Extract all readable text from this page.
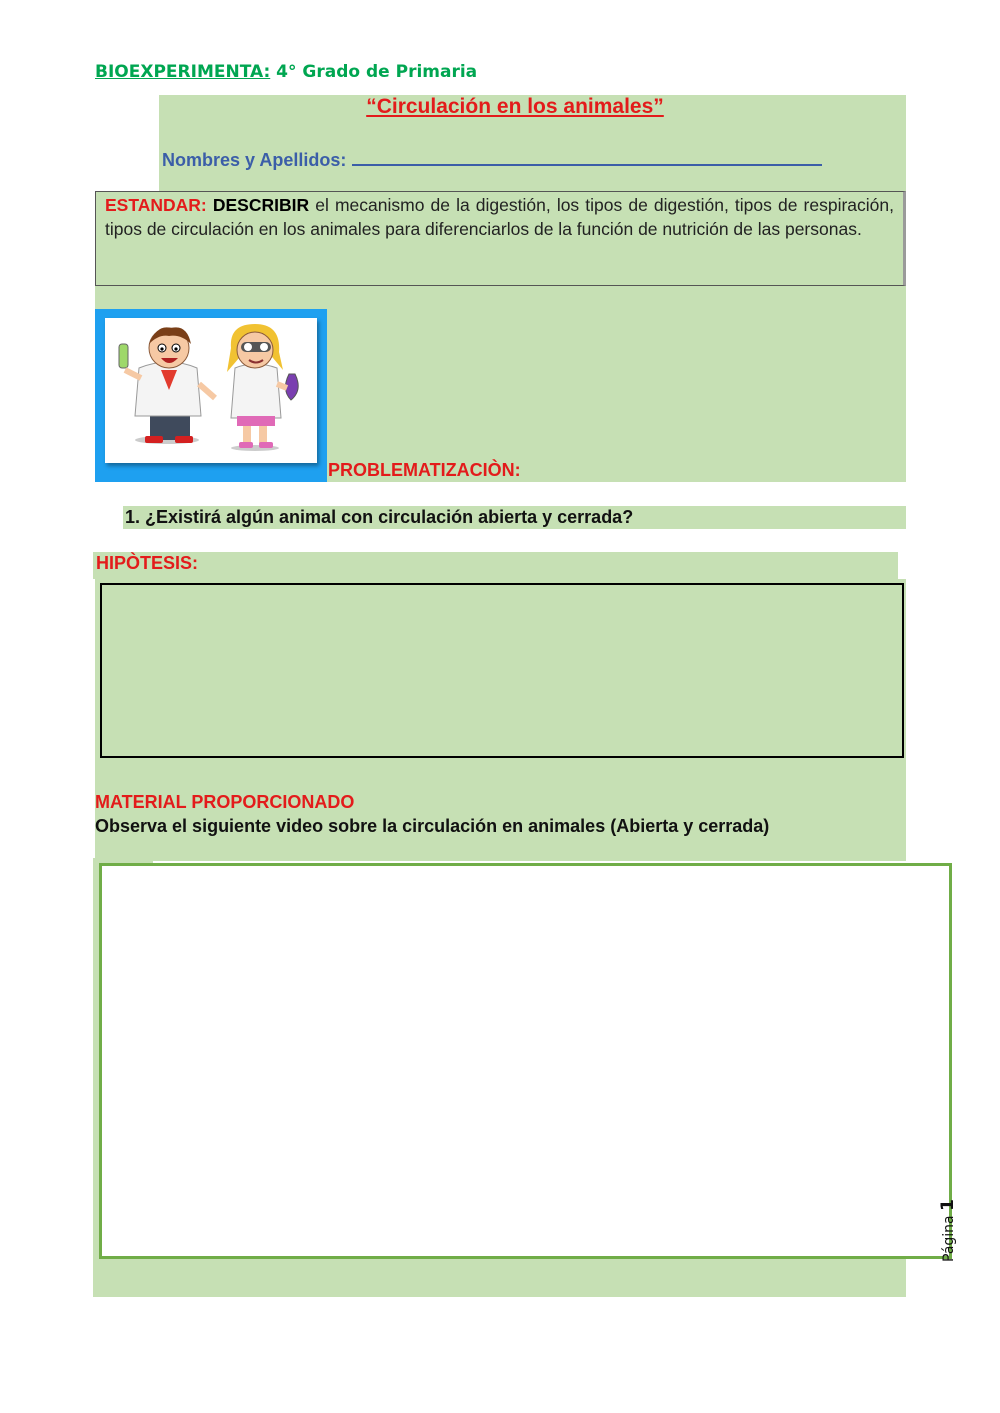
BIOEXPERIMENTA: 4° Grado de Primaria
“Circulación en los animales”
Nombres y Apellidos:
ESTANDAR: DESCRIBIR el mecanismo de la digestión, los tipos de digestión, tipos de respiración, tipos de circulación en los animales para diferenciarlos de la función de nutrición de las personas.
PROBLEMATIZACIÒN:
1. ¿Existirá algún animal con circulación abierta y cerrada?
HIPÒTESIS:
MATERIAL PROPORCIONADO
Observa el siguiente video sobre la circulación en animales (Abierta y cerrada)
Página 1
